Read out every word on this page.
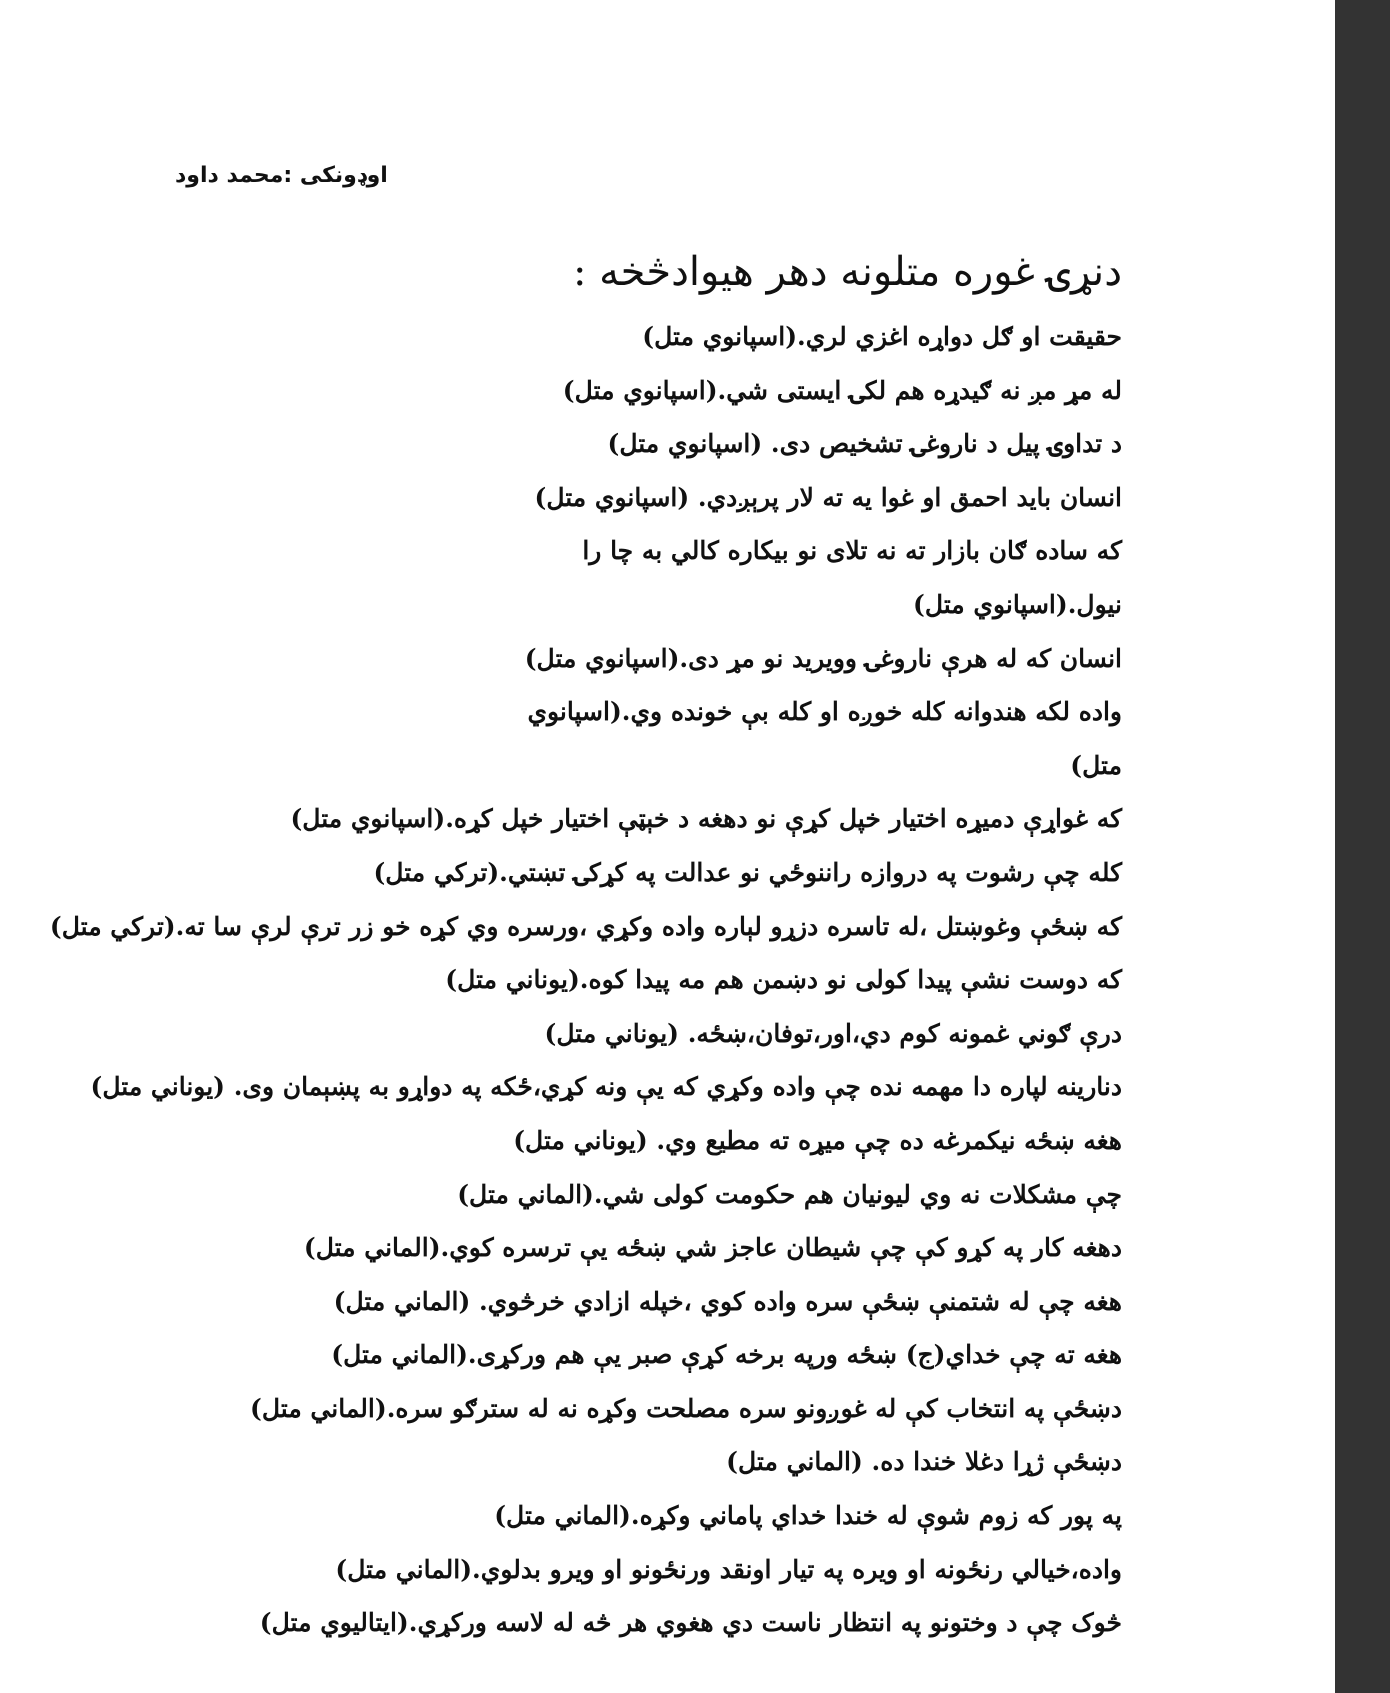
اوډونکی :محمد داود
دنړۍ غوره متلونه دهر هیوادڅخه :
حقیقت او ګل دواړه اغزي لري.(اسپانوي متل)
له مړ مږ نه ګیدړه هم لکۍ ایستی شي.(اسپانوي متل)
د تداوۍ پیل د ناروغۍ تشخیص دی. (اسپانوي متل)
انسان باید احمق او غوا یه ته لار پرېږدي. (اسپانوي متل)
که ساده ګان بازار ته نه تلای نو بیکاره کالي به چا را
نیول.(اسپانوي متل)
انسان که له هرې ناروغۍ وویرید نو مړ دی.(اسپانوي متل)
واده لکه هندوانه کله خوږه او کله بې خونده وي.(اسپانوي
متل)
که غواړې دمیړه اختیار خپل کړې نو دهغه د خېټې اختیار خپل کړه.(اسپانوي متل)
کله چې رشوت په دروازه راننوځي نو عدالت په کړکۍ تښتي.(ترکي متل)
که ښځې وغوښتل ،له تاسره دزړو لېاره واده وکړي ،ورسره وي کړه خو زر ترې لرې سا ته.(ترکي متل)
که دوست نشې پیدا کولی نو دښمن هم مه پیدا کوه.(یوناني متل)
درې ګوني غمونه کوم دي،اور،توفان،ښځه. (یوناني متل)
دنارینه لپاره دا مهمه نده چې واده وکړي که یې ونه کړي،ځکه په دواړو به پښېمان وی. (یوناني متل)
هغه ښځه نیکمرغه ده چې میړه ته مطیع وي. (یوناني متل)
چې مشکلات نه وي لیونیان هم حکومت کولی شي.(الماني متل)
دهغه کار په کړو کې چې شیطان عاجز شي ښځه یې ترسره کوي.(الماني متل)
هغه چې له شتمنې ښځې سره واده کوي ،خپله ازادي خرڅوي. (الماني متل)
هغه ته چې خداي(ج) ښځه ورپه برخه کړې صبر یې هم ورکړی.(الماني متل)
دښځې په انتخاب کې له غوږونو سره مصلحت وکړه نه له سترګو سره.(الماني متل)
دښځې ژړا دغلا خندا ده. (الماني متل)
په پور که زوم شوې له خندا خداي پاماني وکړه.(الماني متل)
واده،خیالي رنځونه او ویره په تیار اونقد ورنځونو او ویرو بدلوي.(الماني متل)
څوک چې د وختونو په انتظار ناست دي هغوي هر څه له لاسه ورکړي.(ایتالیوي متل)
